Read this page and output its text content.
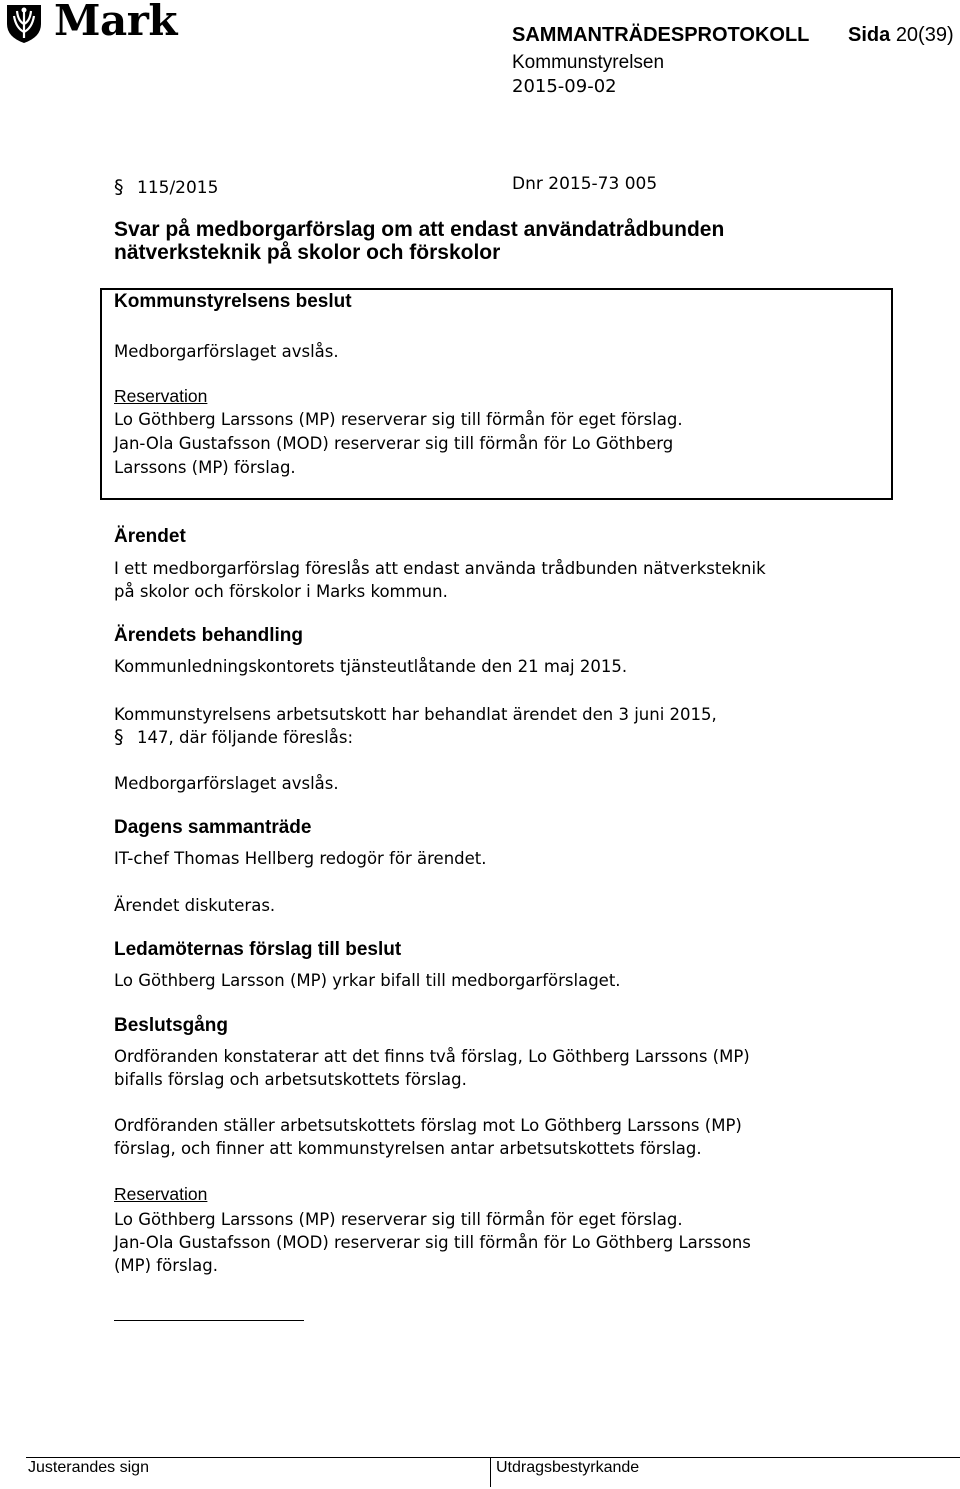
Mark	SAMMANTRÄDESPROTOKOLL Sida 20(39)
Kommunstyrelsen
2015-09-02
§ 115/2015	Dnr 2015-73 005
Svar på medborgarförslag om att endast användatrådbunden
nätverksteknik på skolor och förskolor
Kommunstyrelsens beslut
Medborgarförslaget avslås.
Reservation
Lo Göthberg Larssons (MP) reserverar sig till förmån för eget förslag.
Jan-Ola Gustafsson (MOD) reserverar sig till förmån för Lo Göthberg
Larssons (MP) förslag.
Ärendet
I ett medborgarförslag föreslås att endast använda trådbunden nätverksteknik
på skolor och förskolor i Marks kommun.
Ärendets behandling
Kommunledningskontorets tjänsteutlåtande den 21 maj 2015.
Kommunstyrelsens arbetsutskott har behandlat ärendet den 3 juni 2015,
§ 147, där följande föreslås:
Medborgarförslaget avslås.
Dagens sammanträde
IT-chef Thomas Hellberg redogör för ärendet.
Ärendet diskuteras.
Ledamöternas förslag till beslut
Lo Göthberg Larsson (MP) yrkar bifall till medborgarförslaget.
Beslutsgång
Ordföranden konstaterar att det finns två förslag, Lo Göthberg Larssons (MP)
bifalls förslag och arbetsutskottets förslag.
Ordföranden ställer arbetsutskottets förslag mot Lo Göthberg Larssons (MP)
förslag, och finner att kommunstyrelsen antar arbetsutskottets förslag.
Reservation
Lo Göthberg Larssons (MP) reserverar sig till förmån för eget förslag.
Jan-Ola Gustafsson (MOD) reserverar sig till förmån för Lo Göthberg Larssons
(MP) förslag.
Justerandes sign	Utdragsbestyrkande
